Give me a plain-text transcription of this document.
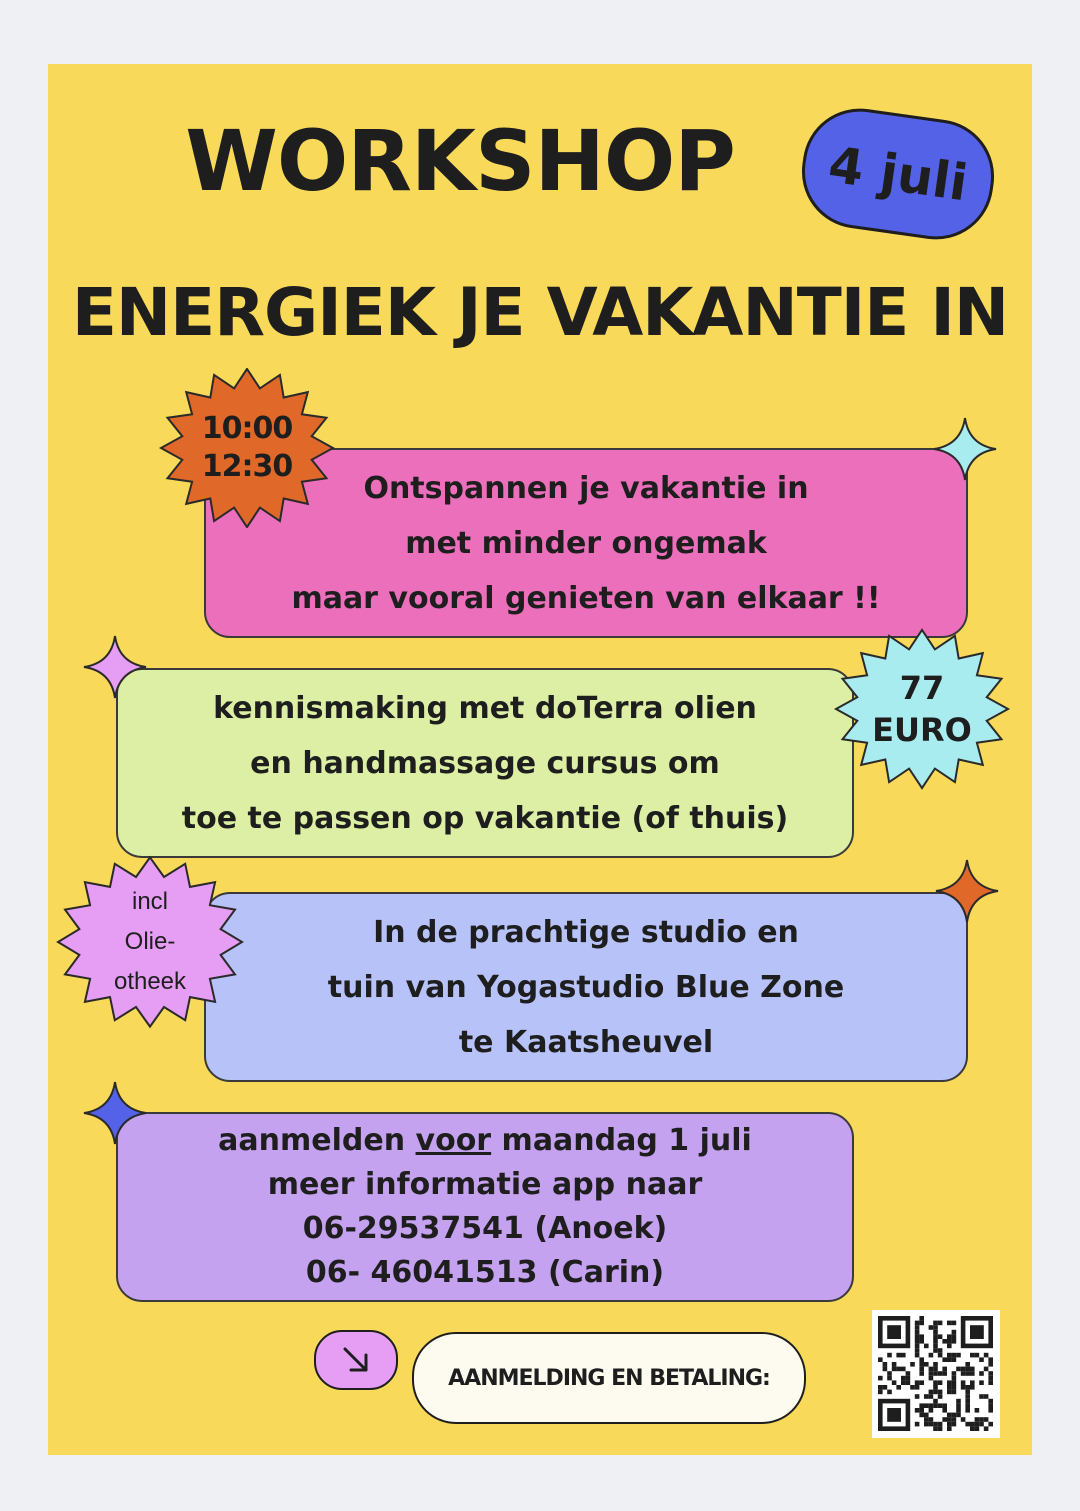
WORKSHOP	4 juli
ENERGIEK JE VAKANTIE IN

Ontspannen je vakantie in

met minder ongemak

maar vooral genieten van elkaar !!

10:00

12:30

kennismaking met doTerra olien

en handmassage cursus om

toe te passen op vakantie (of thuis)

77

EURO

In de prachtige studio en

tuin van Yogastudio Blue Zone

te Kaatsheuvel

incl

Olie-

otheek

aanmelden voor maandag 1 juli

meer informatie app naar

06-29537541 (Anoek)

06- 46041513 (Carin)

AANMELDING EN BETALING:
